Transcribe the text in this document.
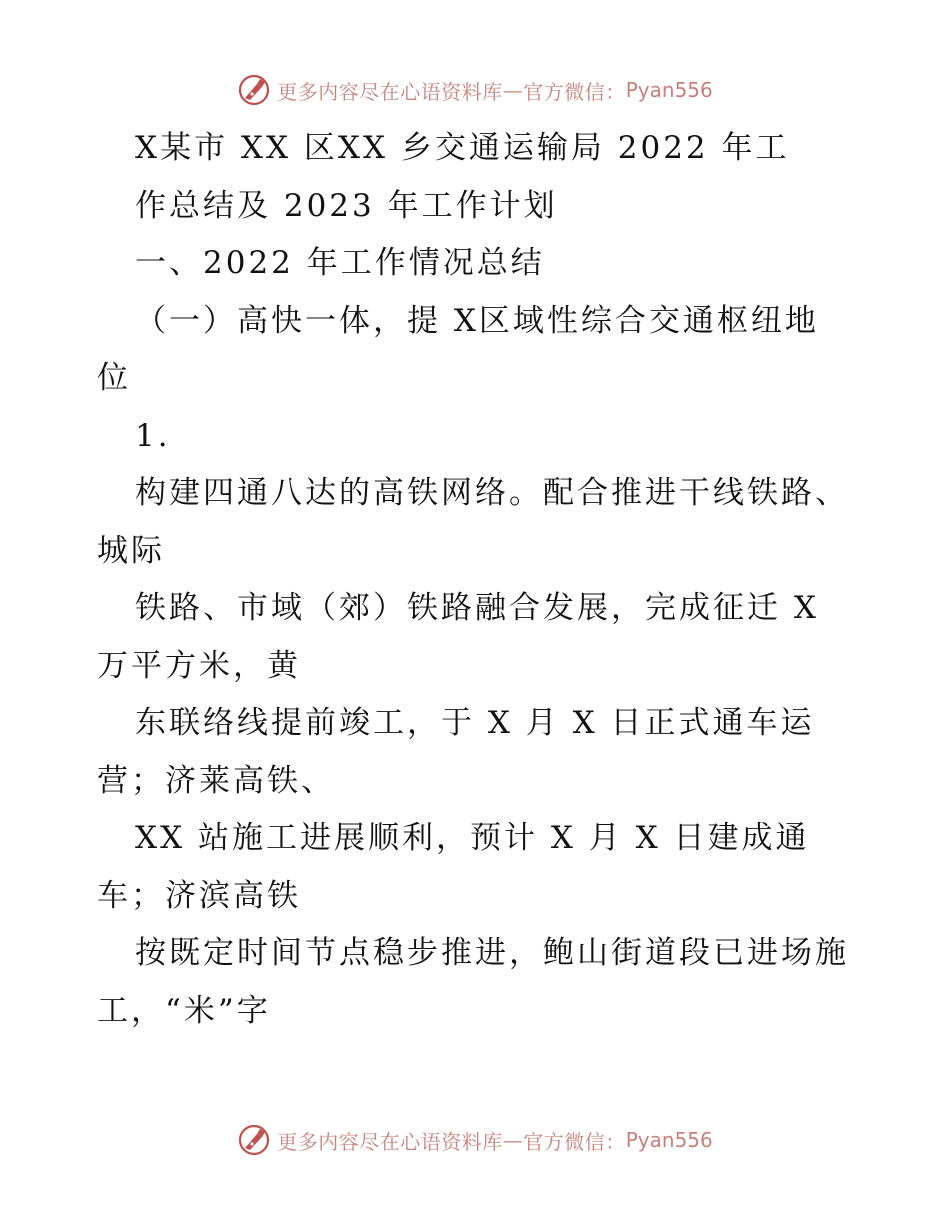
更多内容尽在心语资料库 — 官方微信： Pyan556
X某市 XX 区XX 乡交通运输局 2022 年工
作总结及 2023 年工作计划
一、2022 年工作情况总结
（一）高快一体，提 X区域性综合交通枢纽地
位
1.
构建四通八达的高铁网络。配合推进干线铁路、
城际
铁路、市域（郊）铁路融合发展，完成征迁 X
万平方米，黄
东联络线提前竣工，于 X 月 X 日正式通车运
营；济莱高铁、
XX 站施工进展顺利，预计 X 月 X 日建成通
车；济滨高铁
按既定时间节点稳步推进，鲍山街道段已进场施
工，“米”字
更多内容尽在心语资料库 — 官方微信： Pyan556
